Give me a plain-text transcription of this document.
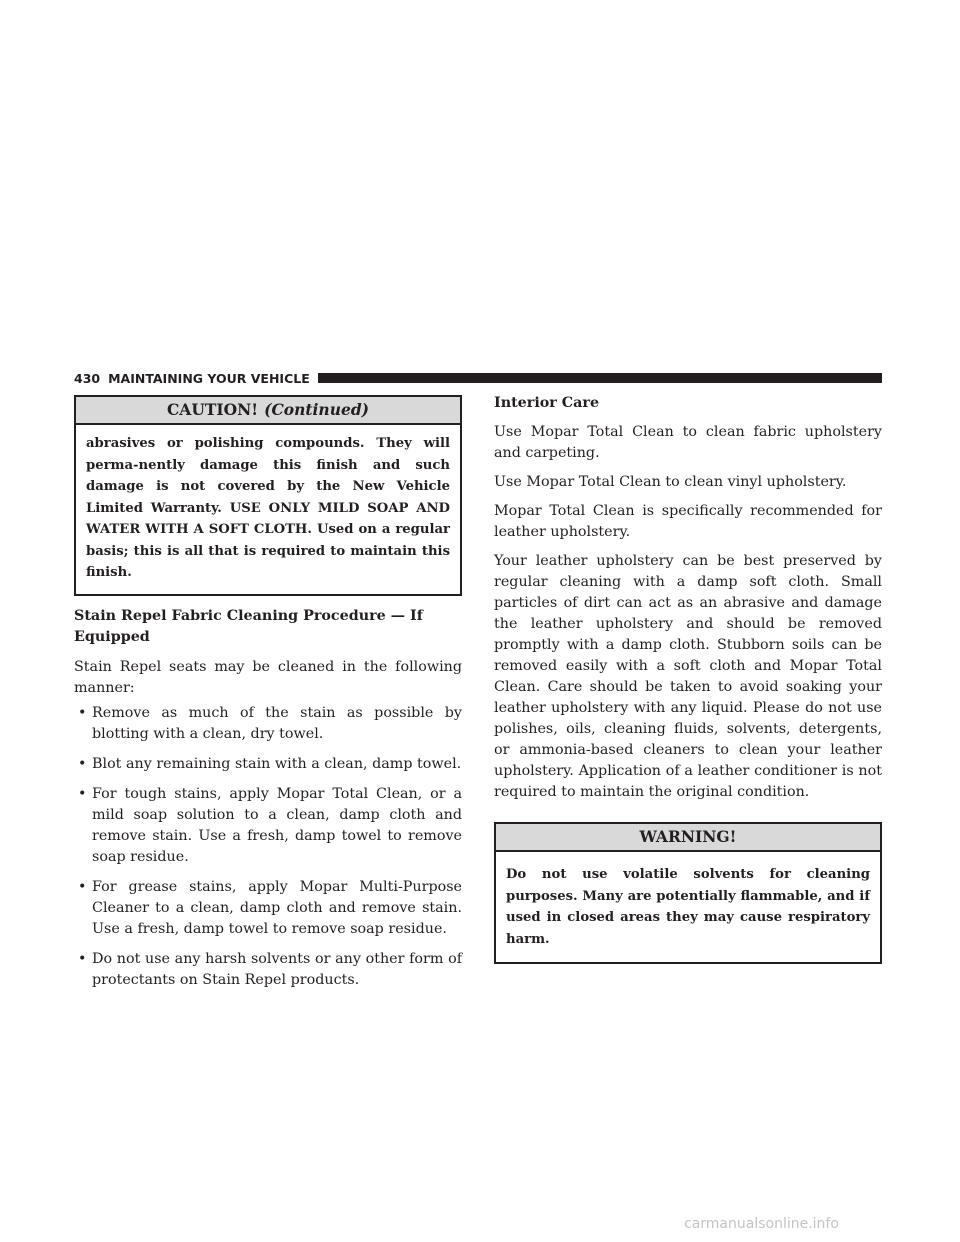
430 MAINTAINING YOUR VEHICLE
CAUTION! (Continued)
abrasives or polishing compounds. They will perma-nently damage this finish and such damage is not covered by the New Vehicle Limited Warranty. USE ONLY MILD SOAP AND WATER WITH A SOFT CLOTH. Used on a regular basis; this is all that is required to maintain this finish.
Stain Repel Fabric Cleaning Procedure — If Equipped

Stain Repel seats may be cleaned in the following manner:

• Remove as much of the stain as possible by blotting with a clean, dry towel.
• Blot any remaining stain with a clean, damp towel.
• For tough stains, apply Mopar Total Clean, or a mild soap solution to a clean, damp cloth and remove stain. Use a fresh, damp towel to remove soap residue.
• For grease stains, apply Mopar Multi-Purpose Cleaner to a clean, damp cloth and remove stain. Use a fresh, damp towel to remove soap residue.
• Do not use any harsh solvents or any other form of protectants on Stain Repel products.
Interior Care

Use Mopar Total Clean to clean fabric upholstery and carpeting.

Use Mopar Total Clean to clean vinyl upholstery.

Mopar Total Clean is specifically recommended for leather upholstery.

Your leather upholstery can be best preserved by regular cleaning with a damp soft cloth. Small particles of dirt can act as an abrasive and damage the leather upholstery and should be removed promptly with a damp cloth. Stubborn soils can be removed easily with a soft cloth and Mopar Total Clean. Care should be taken to avoid soaking your leather upholstery with any liquid. Please do not use polishes, oils, cleaning fluids, solvents, detergents, or ammonia-based cleaners to clean your leather upholstery. Application of a leather conditioner is not required to maintain the original condition.

WARNING!
Do not use volatile solvents for cleaning purposes. Many are potentially flammable, and if used in closed areas they may cause respiratory harm.
carmanualsonline.info
